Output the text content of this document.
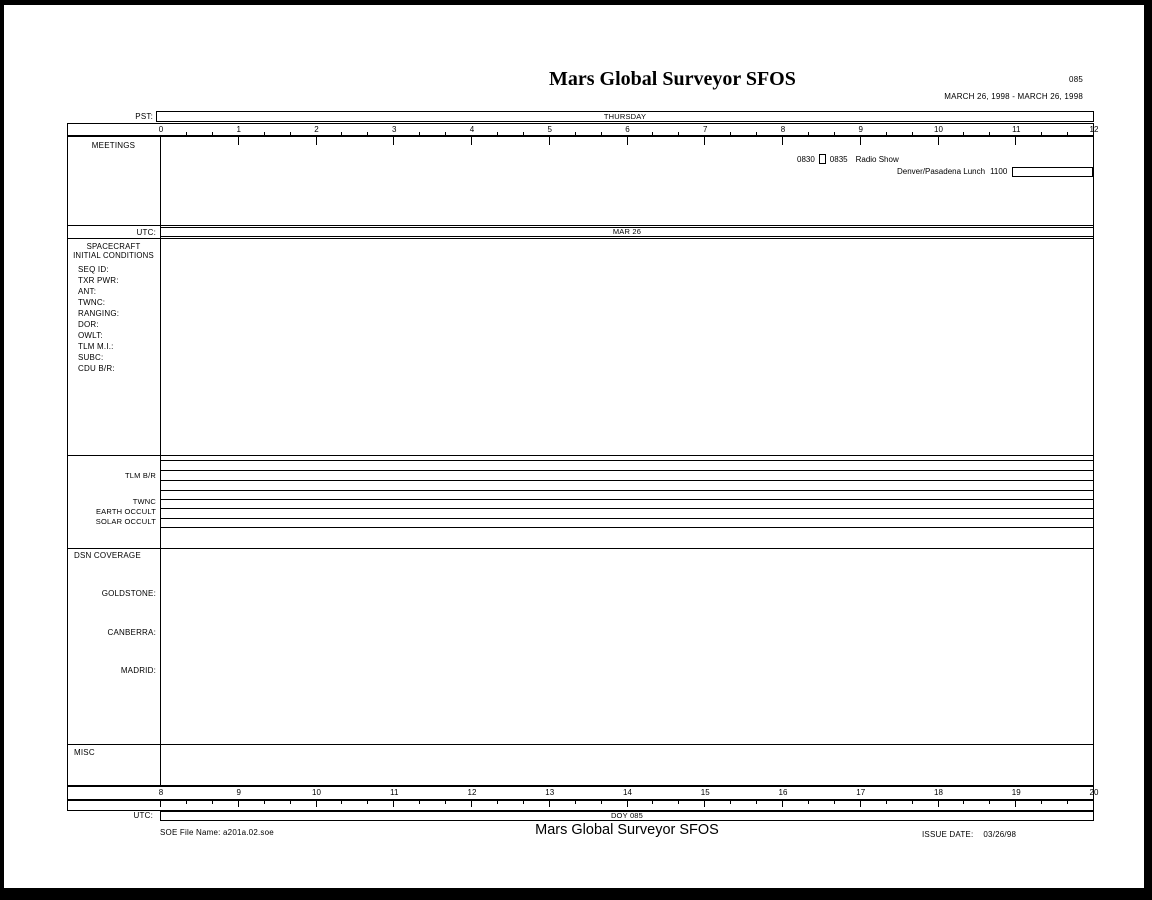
Mars Global Surveyor SFOS	085
MARCH 26, 1998 - MARCH 26, 1998
PST:	THURSDAY
0	1	2	3	4	5	6	7	8	9	10	11	12
MEETINGS
0830 0835 Radio Show
Denver/Pasadena Lunch 1100
UTC:	MAR 26
SPACECRAFT
INITIAL CONDITIONS
SEQ ID:
TXR PWR:
ANT:
TWNC:
RANGING:
DOR:
OWLT:
TLM M.I.:
SUBC:
CDU B/R:
TLM B/R
TWNC
EARTH OCCULT
SOLAR OCCULT
DSN COVERAGE
GOLDSTONE:
CANBERRA:
MADRID:
MISC
8	9	10	11	12	13	14	15	16	17	18	19	20
UTC:	DOY 085
SOE File Name: a201a.02.soe	Mars Global Surveyor SFOS	ISSUE DATE: 03/26/98
